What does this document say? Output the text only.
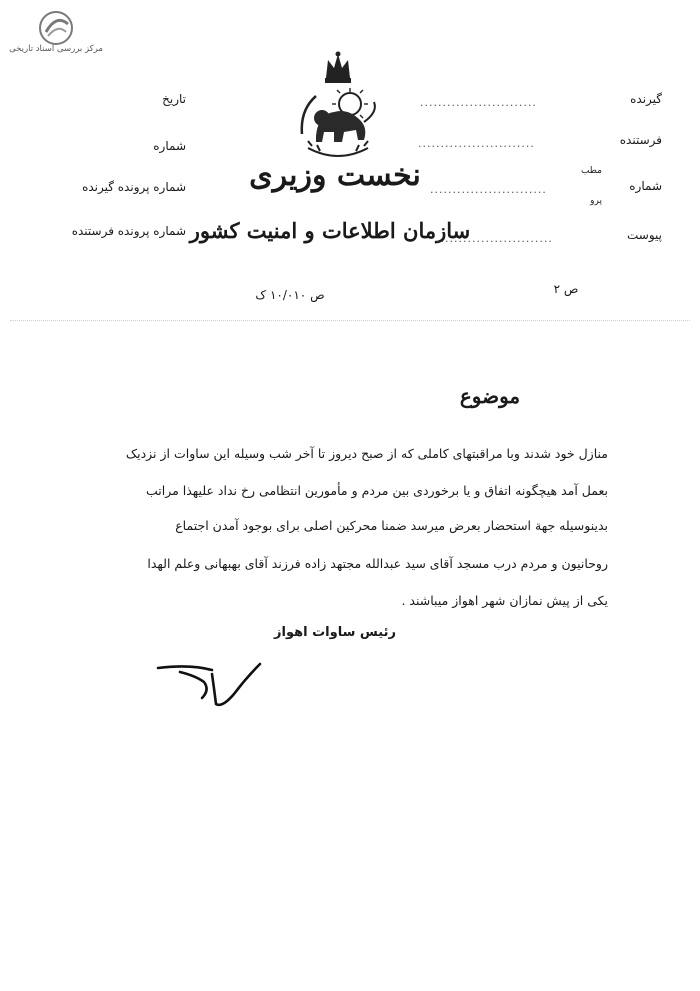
مرکز بررسی اسناد تاریخی
نخست وزیری
سازمان اطلاعات و امنیت کشور
ص ۱۰/۰۱۰ ک	ص ۲
گیرنده
..........................
فرستنده
..........................
شماره
مطب
پرو
..........................
پیوست
..........................
تاریخ
شماره
شماره پرونده گیرنده
شماره پرونده فرستنده
موضوع
منازل خود شدند وبا مراقبتهای کاملی که از صبح دیروز تا آخر شب وسیله این ساوات از نزدیک
بعمل آمد هیچگونه اتفاق و یا برخوردی بین مردم و مأمورین انتظامی رخ نداد علیهذا مراتب
بدینوسیله جهة استحضار بعرض میرسد ضمنا محرکین اصلی برای بوجود آمدن اجتماع
روحانیون و مردم درب مسجد آقای سید عبدالله مجتهد زاده فرزند آقای بهبهانی وعلم الهدا
یکی از پیش نمازان شهر اهواز میباشند .
رئیس ساوات اهواز
